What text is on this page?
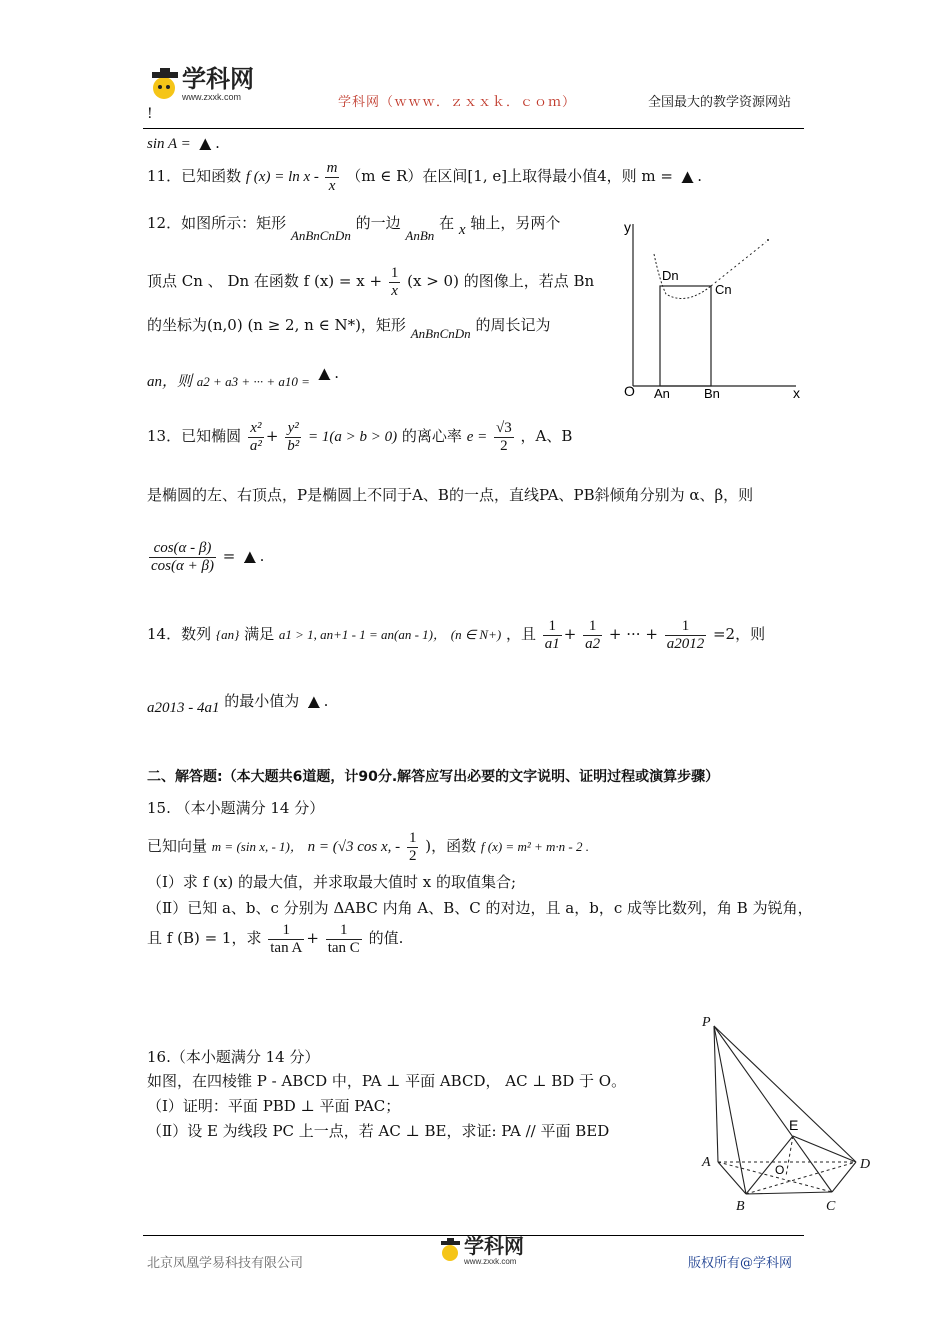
学科网
www.zxxk.com	学科网（ｗｗｗ．ｚｘｘｋ．ｃｏｍ）	全国最大的教学资源网站
!
sin A = ▲ .
11．已知函数 f $(x) = \ln x - \frac{m}{x} (m$ ∈ R）在区间[1, e]上取得最小值4，则 m = ▲ .
12．如图所示：矩形 AnBnCnDn 的一边 AnBn 在 x 轴上，另两个
顶点 Cn 、 Dn 在函数 f $(x) = x + \frac{1}{x} (x > 0)$ 的图像上，若点 Bn
的坐标为(n,0) (n ≥ 2, n ∈ N*)，矩形 AnBnCnDn 的周长记为
an，则 a2 + a3 + ··· + a10 = ▲ .
y
x
O
Dn
Cn
An	Bn
13．已知椭圆 $\frac{\text{x²}}{\text{a²}} + \frac{\text{y²}}{\text{b²}} = 1(a > b > 0)$ 的离心率 $e = \frac{√3}{2}$ ，A、B
是椭圆的左、右顶点，P是椭圆上不同于A、B的一点，直线PA、PB斜倾角分别为 α、β，则
$\frac{\cos(\alpha - \beta)}{\cos(\alpha + \beta)}$ = ▲ .
14．数列 {an} 满足 a1 > 1, an+1 - 1 = an(an - 1)， (n ∈ N+) ，且 $\frac{1}{a1} + \frac{1}{a2}$ + ··· + $\frac{1}{a2012} =2$，则
a2013 - 4a1 的最小值为 ▲ .
二、解答题:（本大题共6道题，计90分.解答应写出必要的文字说明、证明过程或演算步骤）
15. （本小题满分 14 分）
已知向量 m = (sin x, - 1)， n = (√3 cos x, - $\frac{1}{2}$ )，函数 f (x) = m² + m·n - 2 .
（Ⅰ）求 f (x) 的最大值，并求取最大值时 x 的取值集合;
（Ⅱ）已知 a、b、c 分别为 ΔABC 内角 A、B、C 的对边，且 a，b，c 成等比数列，角 B 为锐角，
且 f (B) = 1，求 $\frac{1}{\text{tan A}} + \frac{1}{\text{tan C}}$ 的值.
16.（本小题满分 14 分）
如图，在四棱锥 P - ABCD 中，PA ⊥ 平面 ABCD， AC ⊥ BD 于 O。
（Ⅰ）证明：平面 PBD ⊥ 平面 PAC；
（Ⅱ）设 E 为线段 PC 上一点，若 AC ⊥ BE，求证: PA // 平面 BED
P
A
B	C
D
E
O
北京凤凰学易科技有限公司
学科网
www.zxxk.com	版权所有@学科网
